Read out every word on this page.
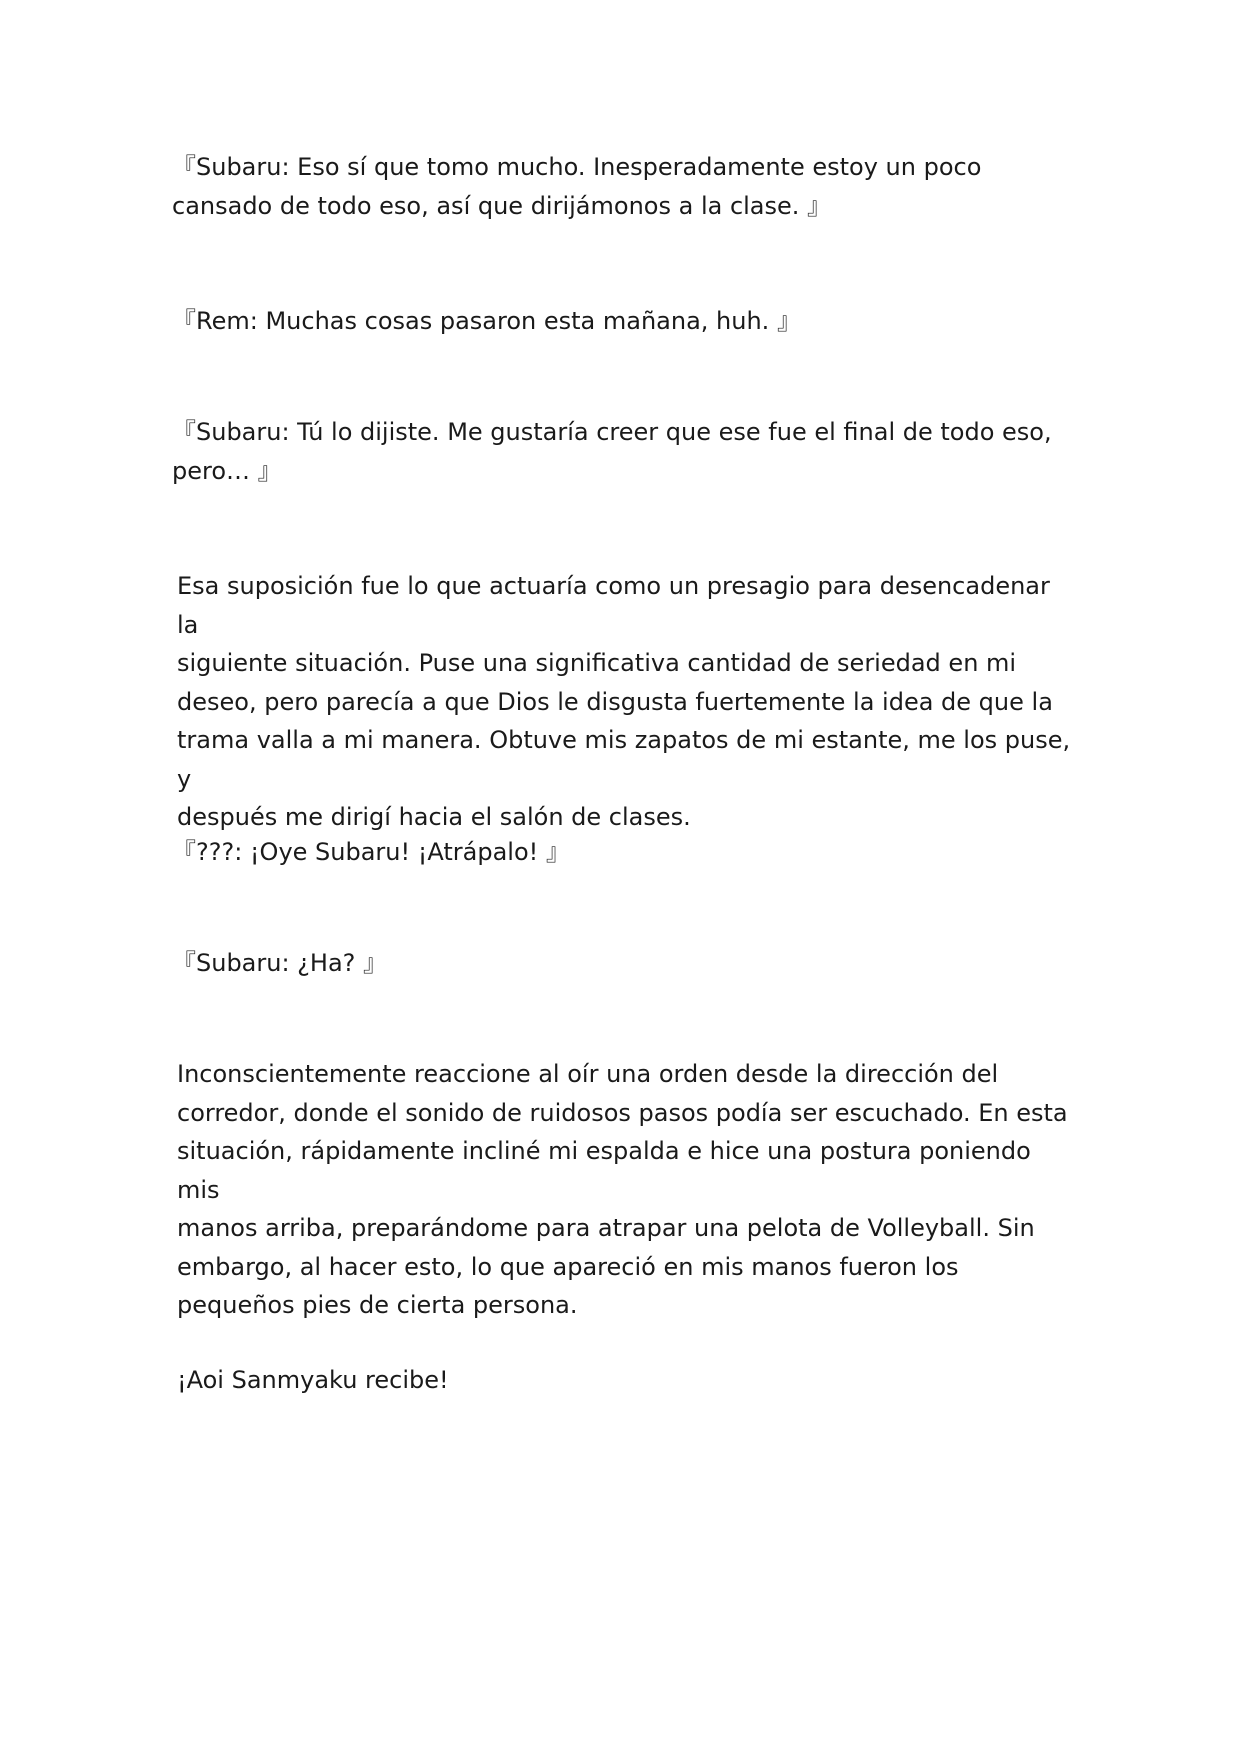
『Subaru: Eso sí que tomo mucho. Inesperadamente estoy un poco
cansado de todo eso, así que dirijámonos a la clase. 』

『Rem: Muchas cosas pasaron esta mañana, huh. 』

『Subaru: Tú lo dijiste. Me gustaría creer que ese fue el final de todo eso,
pero… 』

Esa suposición fue lo que actuaría como un presagio para desencadenar la
siguiente situación. Puse una significativa cantidad de seriedad en mi
deseo, pero parecía a que Dios le disgusta fuertemente la idea de que la
trama valla a mi manera. Obtuve mis zapatos de mi estante, me los puse, y
después me dirigí hacia el salón de clases.

『???: ¡Oye Subaru! ¡Atrápalo! 』

『Subaru: ¿Ha? 』

Inconscientemente reaccione al oír una orden desde la dirección del
corredor, donde el sonido de ruidosos pasos podía ser escuchado. En esta
situación, rápidamente incliné mi espalda e hice una postura poniendo mis
manos arriba, preparándome para atrapar una pelota de Volleyball. Sin
embargo, al hacer esto, lo que apareció en mis manos fueron los
pequeños pies de cierta persona.

¡Aoi Sanmyaku recibe!
